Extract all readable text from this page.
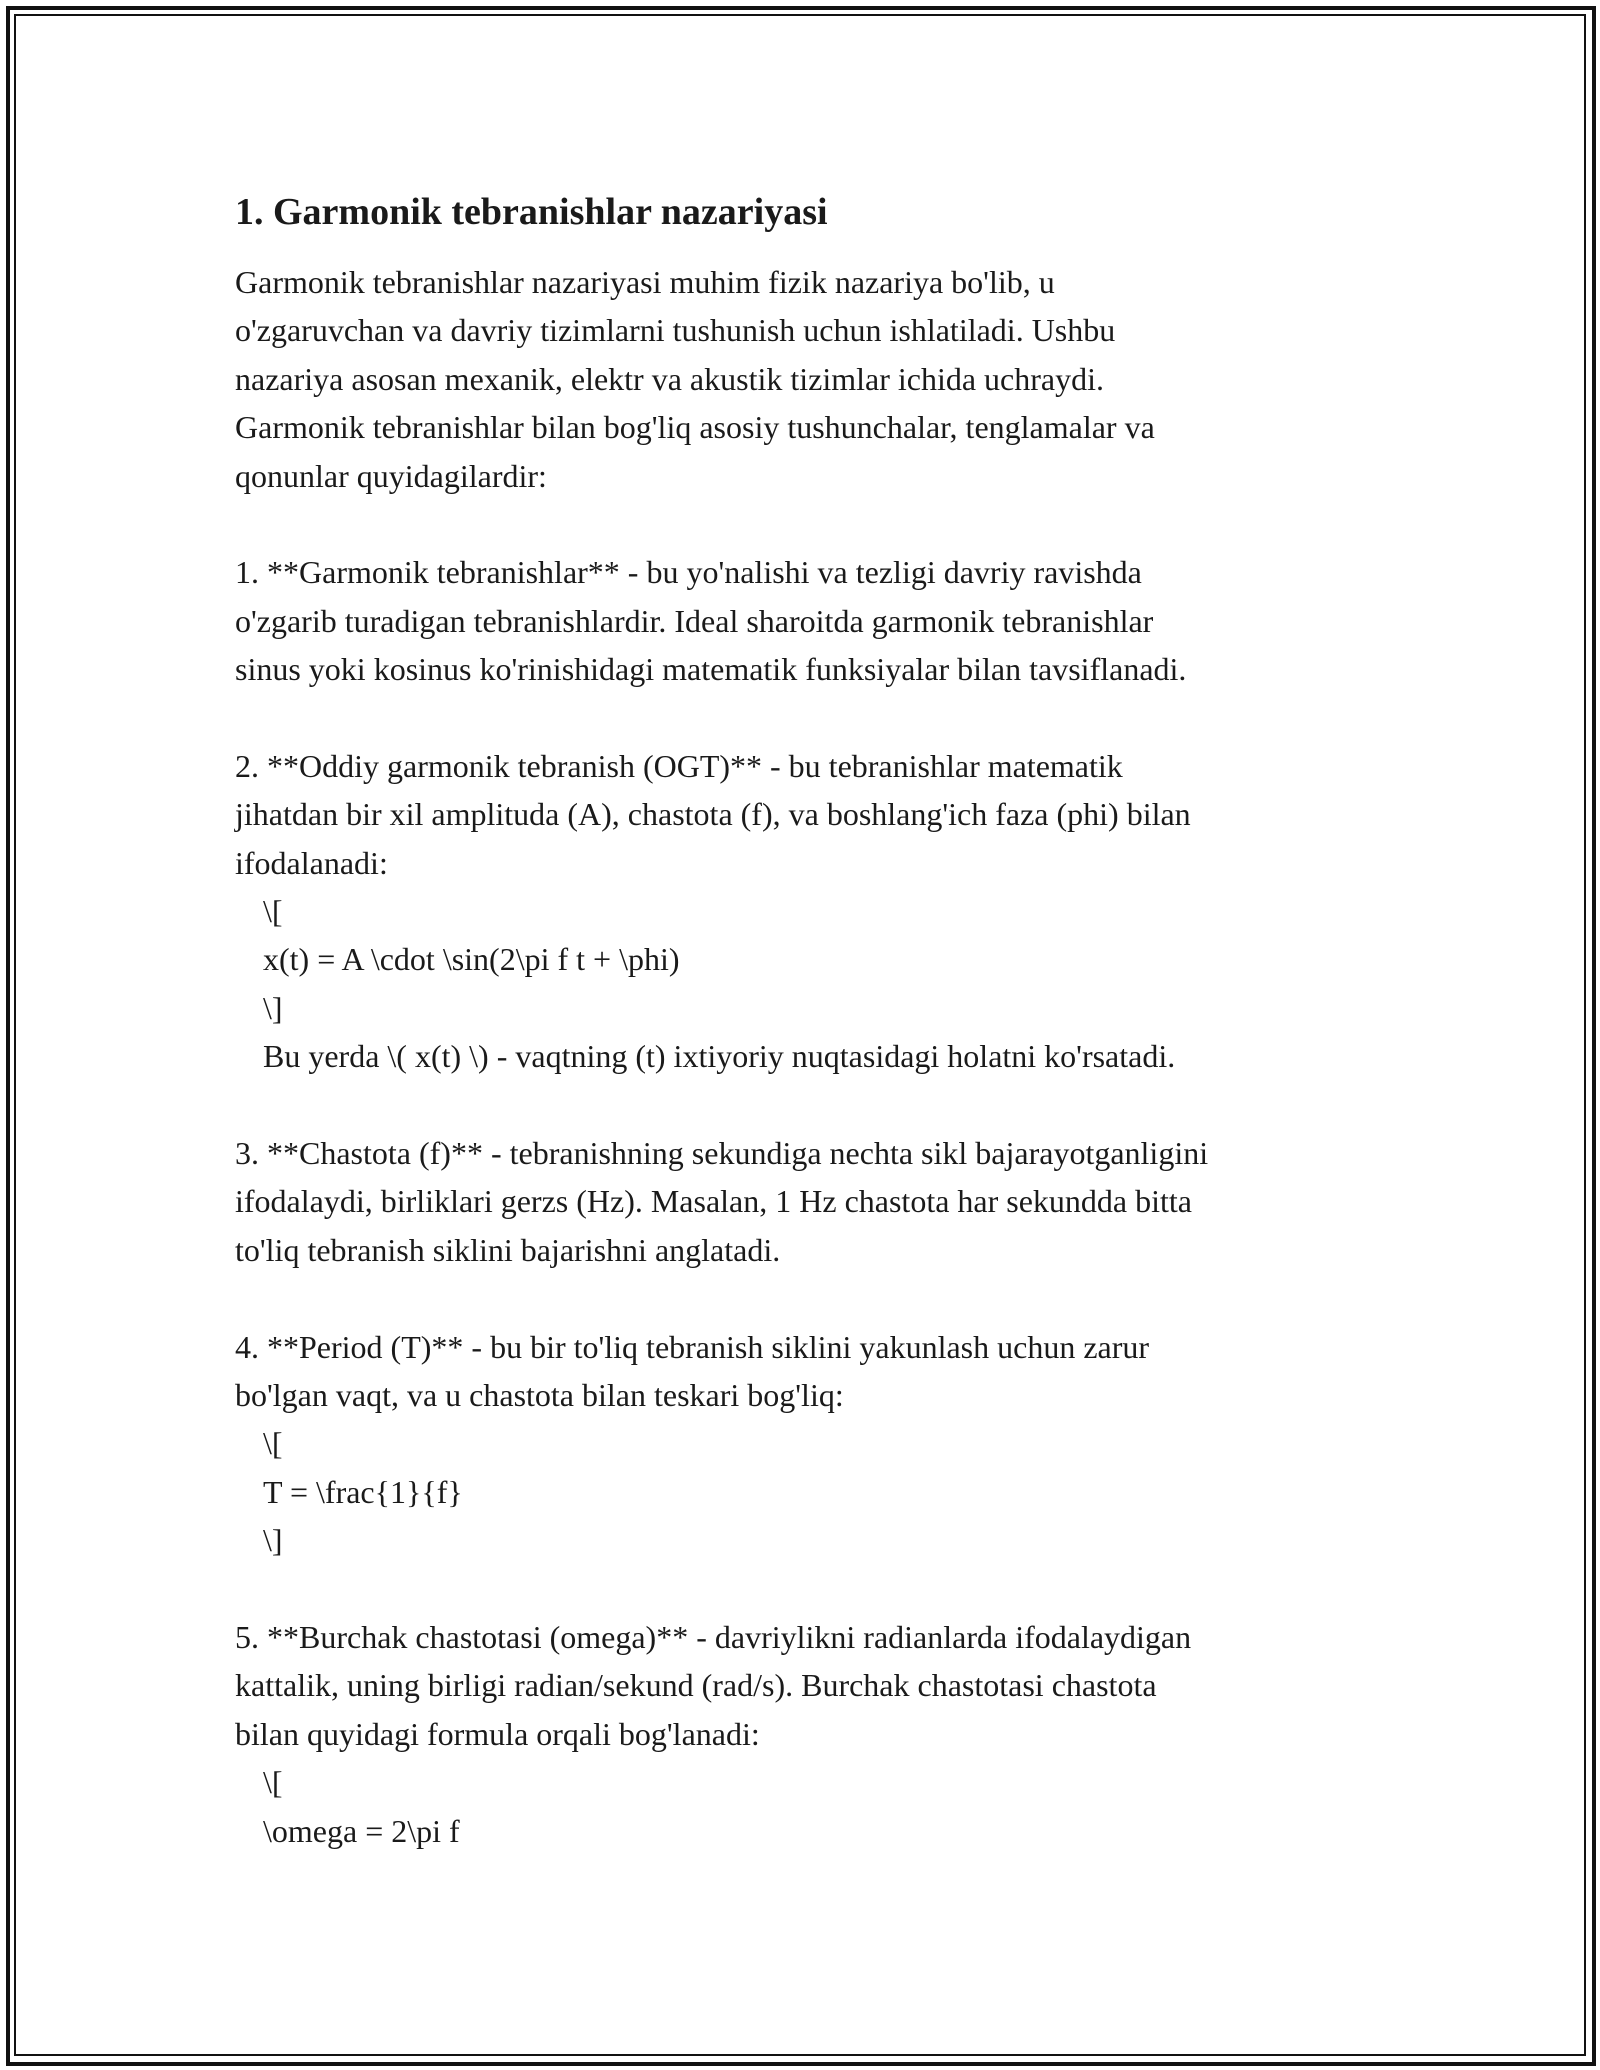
1. Garmonik tebranishlar nazariyasi
Garmonik tebranishlar nazariyasi muhim fizik nazariya bo'lib, u
o'zgaruvchan va davriy tizimlarni tushunish uchun ishlatiladi. Ushbu
nazariya asosan mexanik, elektr va akustik tizimlar ichida uchraydi.
Garmonik tebranishlar bilan bog'liq asosiy tushunchalar, tenglamalar va
qonunlar quyidagilardir:
1. **Garmonik tebranishlar** - bu yo'nalishi va tezligi davriy ravishda
o'zgarib turadigan tebranishlardir. Ideal sharoitda garmonik tebranishlar
sinus yoki kosinus ko'rinishidagi matematik funksiyalar bilan tavsiflanadi.
2. **Oddiy garmonik tebranish (OGT)** - bu tebranishlar matematik
jihatdan bir xil amplituda (A), chastota (f), va boshlang'ich faza (phi) bilan
ifodalanadi:
\[
x(t) = A \cdot \sin(2\pi f t + \phi)
\]
Bu yerda \( x(t) \) - vaqtning (t) ixtiyoriy nuqtasidagi holatni ko'rsatadi.
3. **Chastota (f)** - tebranishning sekundiga nechta sikl bajarayotganligini
ifodalaydi, birliklari gerzs (Hz). Masalan, 1 Hz chastota har sekundda bitta
to'liq tebranish siklini bajarishni anglatadi.
4. **Period (T)** - bu bir to'liq tebranish siklini yakunlash uchun zarur
bo'lgan vaqt, va u chastota bilan teskari bog'liq:
\[
T = \frac{1}{f}
\]
5. **Burchak chastotasi (omega)** - davriylikni radianlarda ifodalaydigan
kattalik, uning birligi radian/sekund (rad/s). Burchak chastotasi chastota
bilan quyidagi formula orqali bog'lanadi:
\[
\omega = 2\pi f
